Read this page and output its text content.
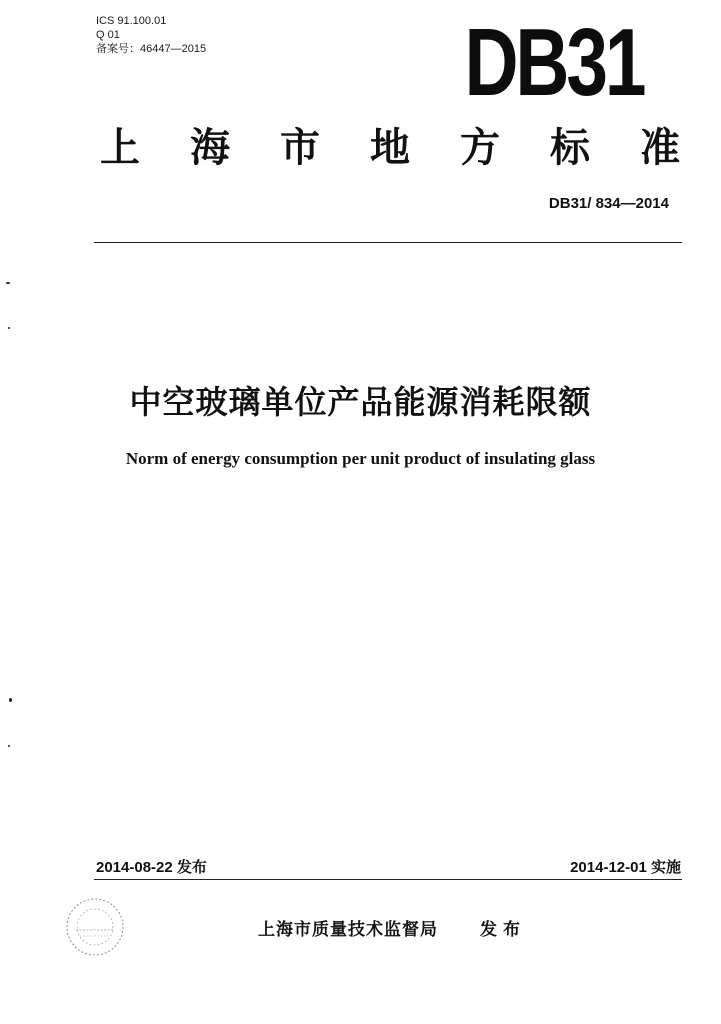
ICS 91.100.01
Q 01
备案号：46447—2015	DB31
上 海 市 地 方 标 准
DB31/ 834—2014
中空玻璃单位产品能源消耗限额
Norm of energy consumption per unit product of insulating glass
2014-08-22 发布	2014-12-01 实施
上海市质量技术监督局 发布
